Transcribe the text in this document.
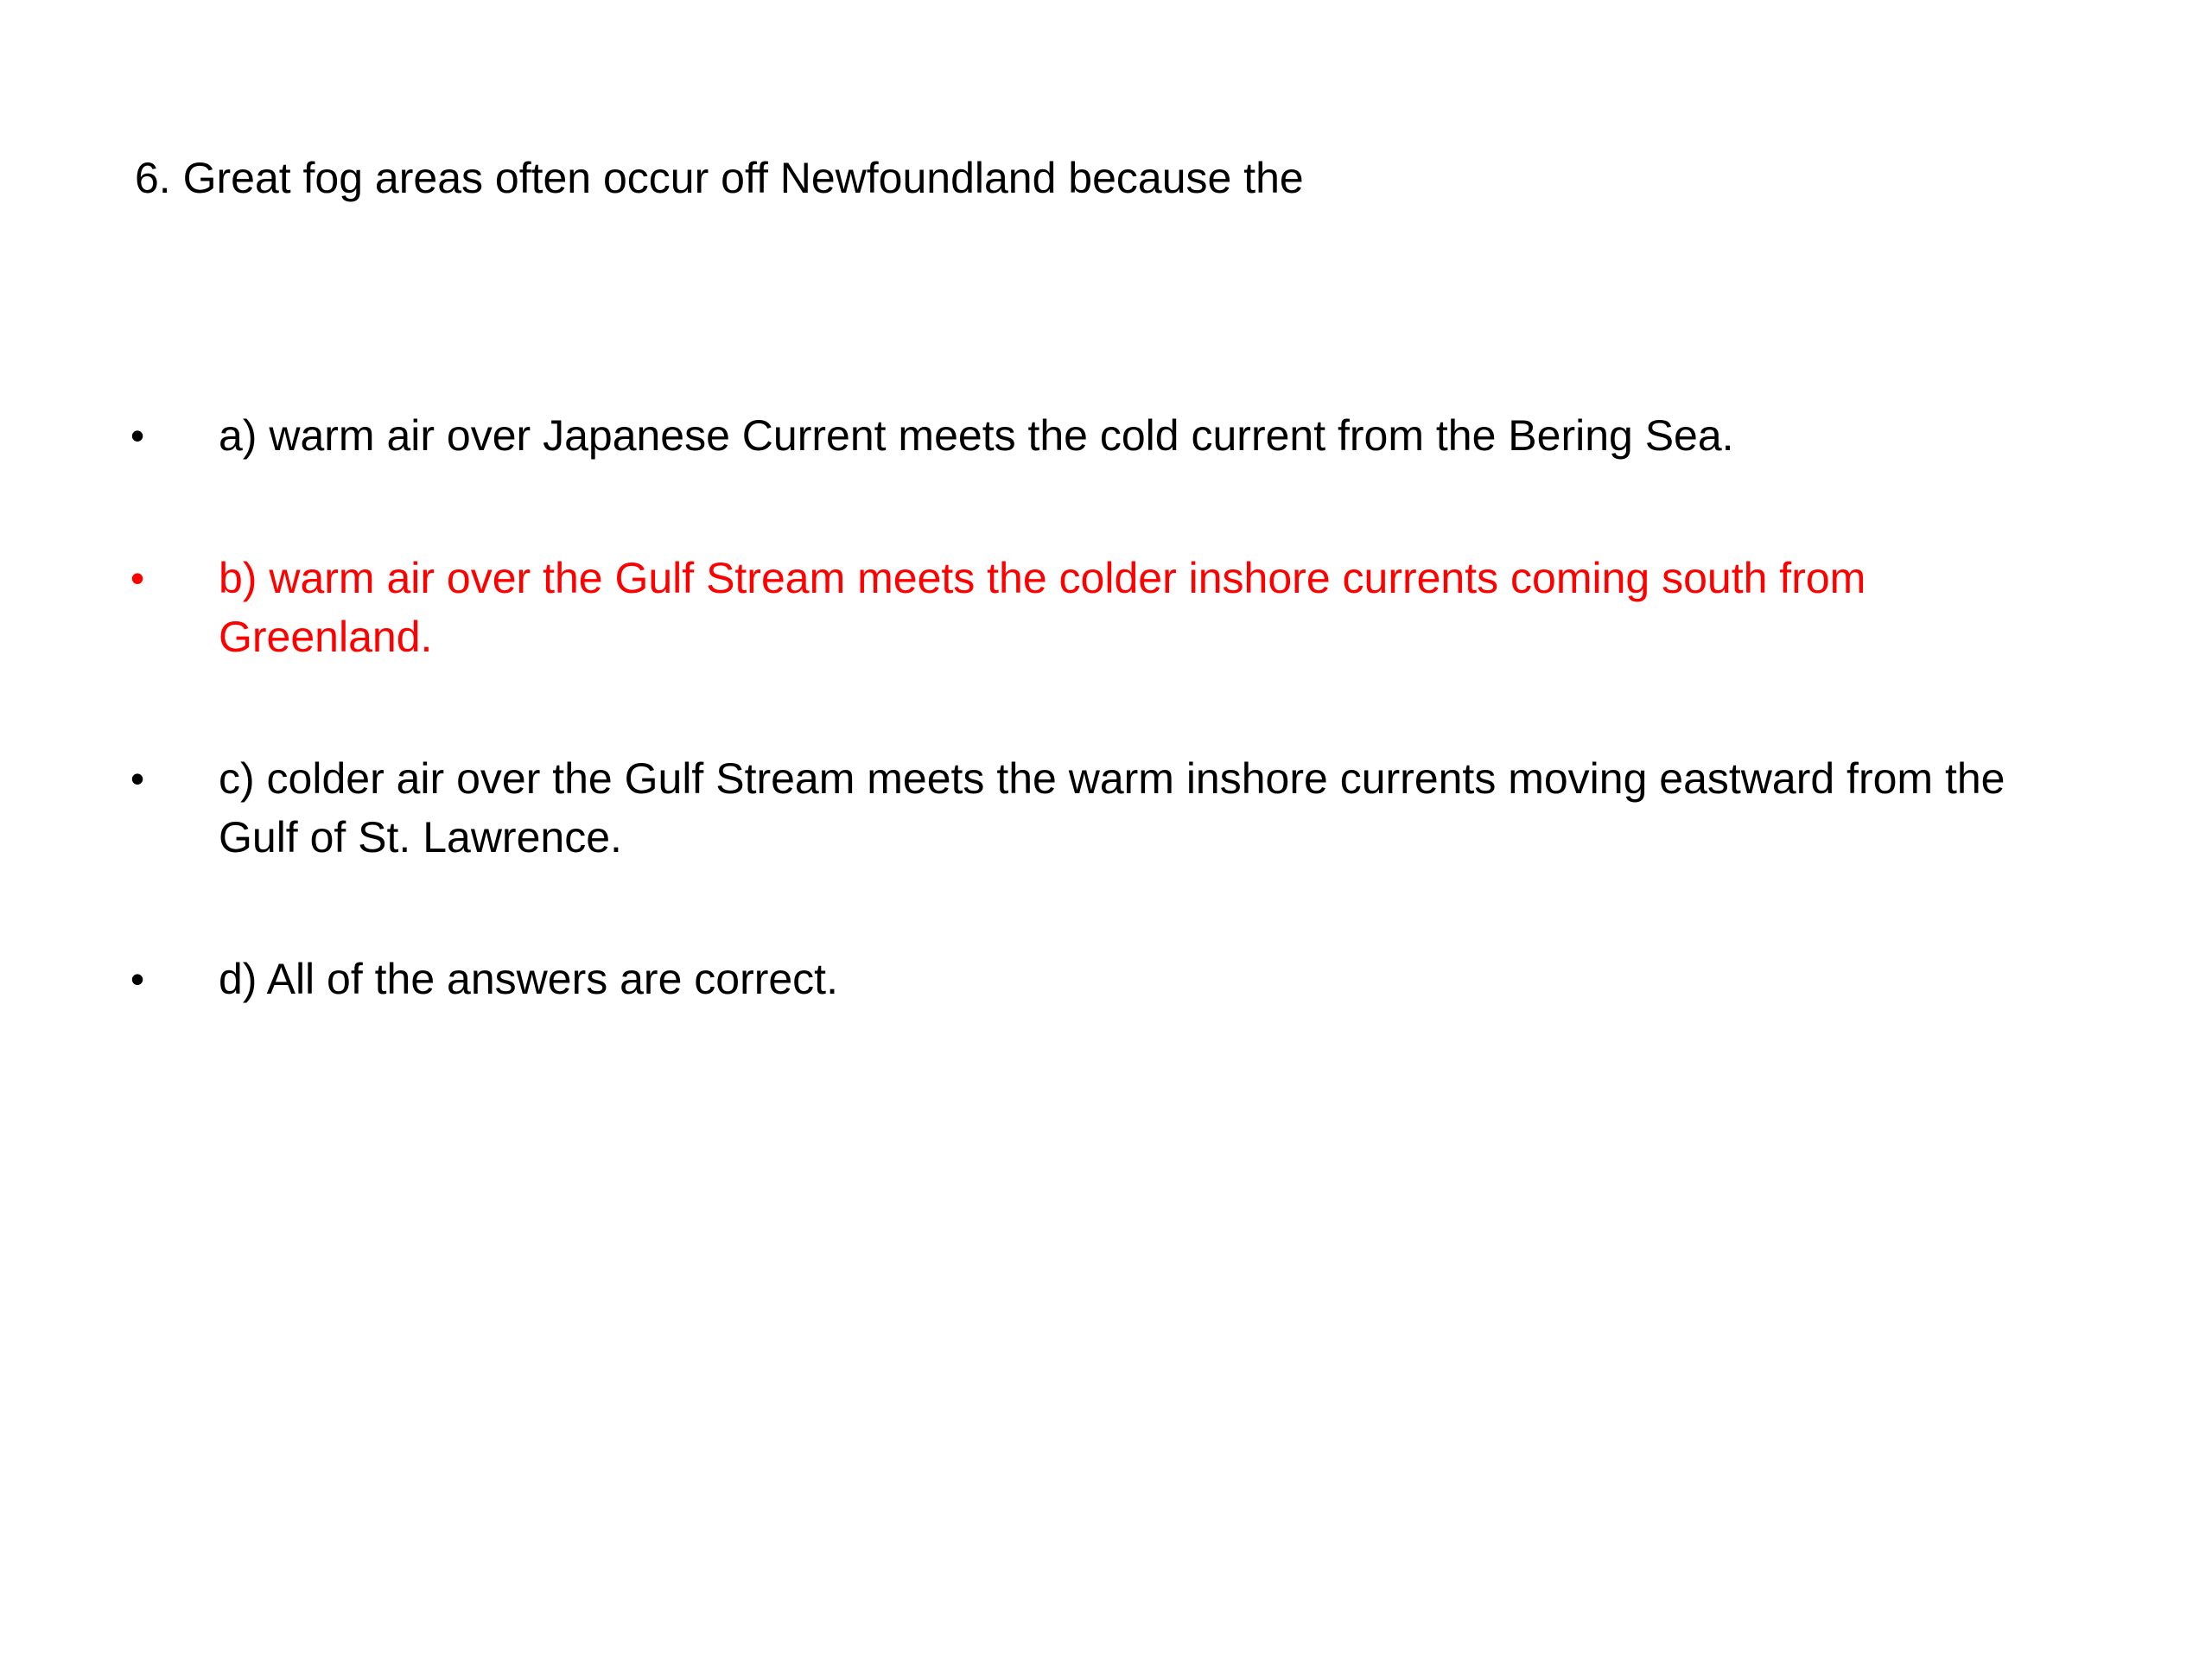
6. Great fog areas often occur off Newfoundland because the
• a) warm air over Japanese Current meets the cold current from the Bering Sea.
• b) warm air over the Gulf Stream meets the colder inshore currents coming south from Greenland.
• c) colder air over the Gulf Stream meets the warm inshore currents moving eastward from the Gulf of St. Lawrence.
• d) All of the answers are correct.
